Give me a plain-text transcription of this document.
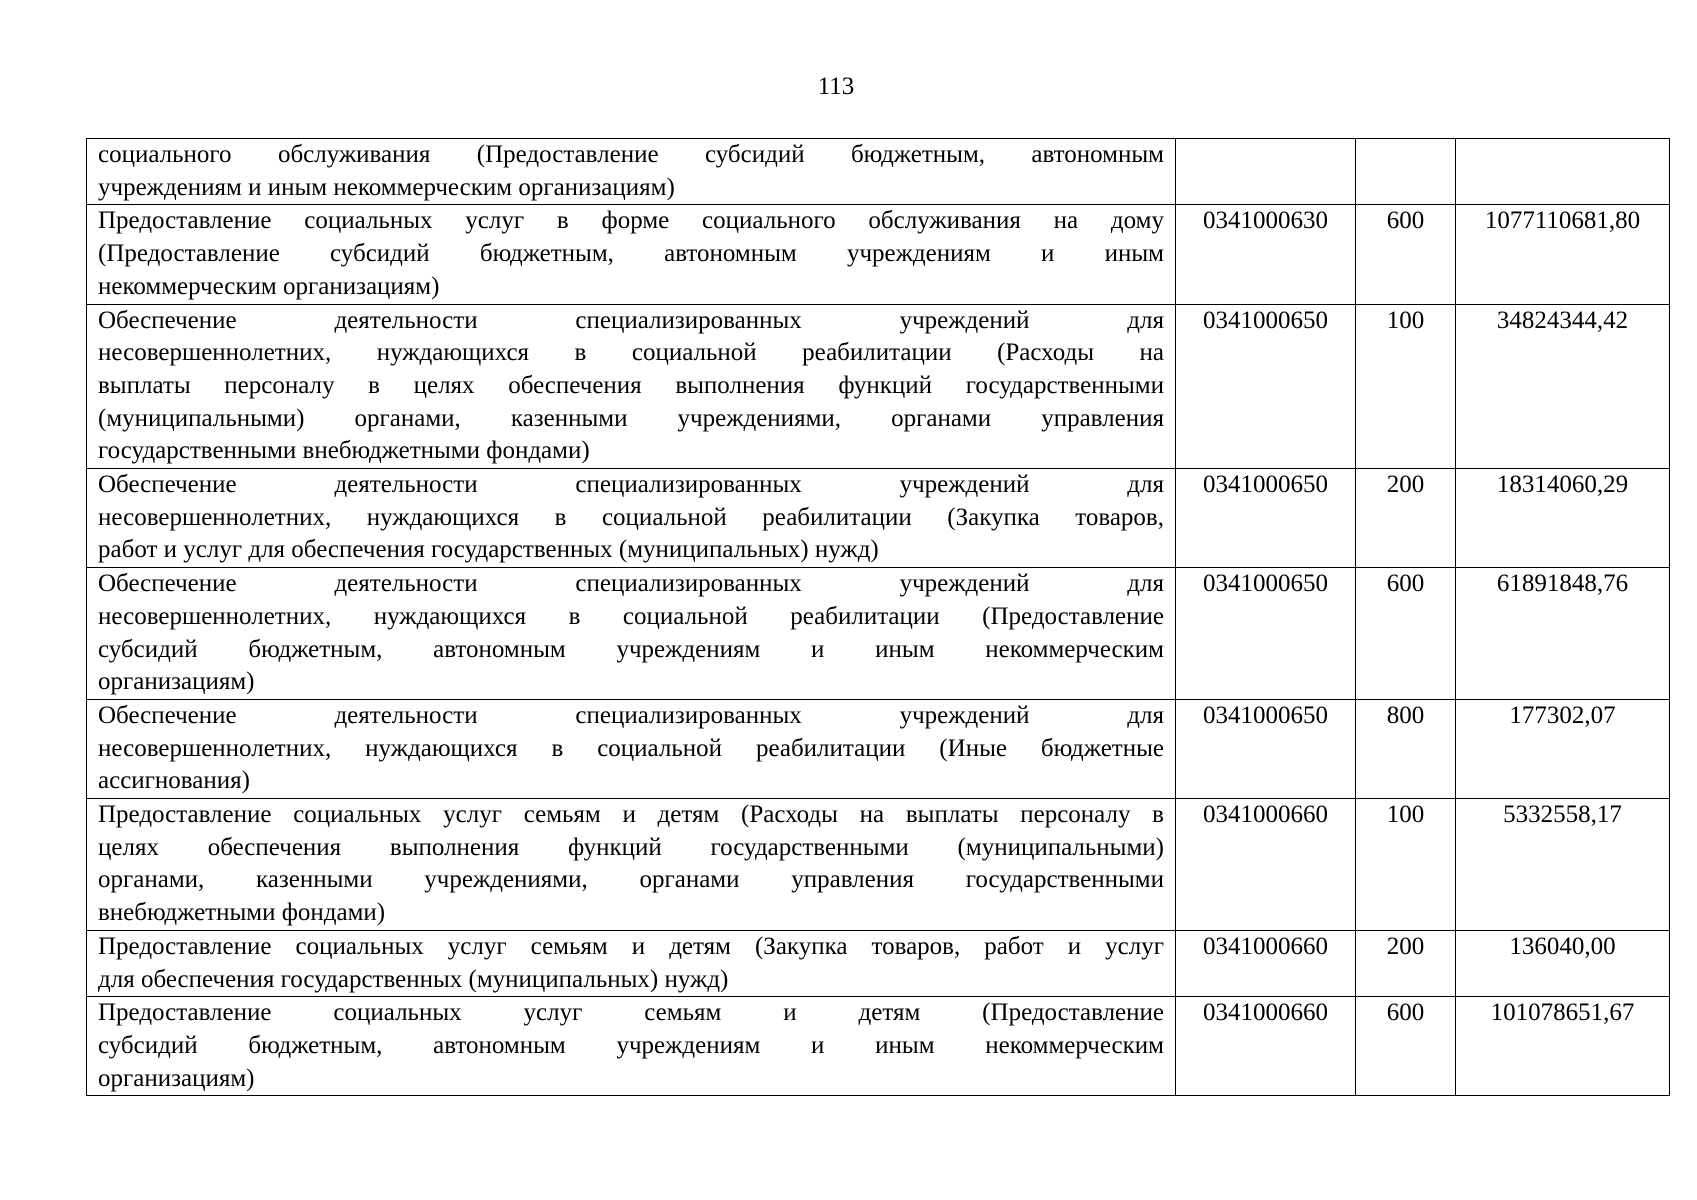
113
социального обслуживания (Предоставление субсидий бюджетным, автономным
учреждениям и иным некоммерческим организациям)			

Предоставление социальных услуг в форме социального обслуживания на дому
(Предоставление субсидий бюджетным, автономным учреждениям и иным
некоммерческим организациям)	0341000630	600	1077110681,80

Обеспечение деятельности специализированных учреждений для
несовершеннолетних, нуждающихся в социальной реабилитации (Расходы на
выплаты персоналу в целях обеспечения выполнения функций государственными
(муниципальными) органами, казенными учреждениями, органами управления
государственными внебюджетными фондами)	0341000650	100	34824344,42

Обеспечение деятельности специализированных учреждений для
несовершеннолетних, нуждающихся в социальной реабилитации (Закупка товаров,
работ и услуг для обеспечения государственных (муниципальных) нужд)	0341000650	200	18314060,29

Обеспечение деятельности специализированных учреждений для
несовершеннолетних, нуждающихся в социальной реабилитации (Предоставление
субсидий бюджетным, автономным учреждениям и иным некоммерческим
организациям)	0341000650	600	61891848,76

Обеспечение деятельности специализированных учреждений для
несовершеннолетних, нуждающихся в социальной реабилитации (Иные бюджетные
ассигнования)	0341000650	800	177302,07

Предоставление социальных услуг семьям и детям (Расходы на выплаты персоналу в
целях обеспечения выполнения функций государственными (муниципальными)
органами, казенными учреждениями, органами управления государственными
внебюджетными фондами)	0341000660	100	5332558,17

Предоставление социальных услуг семьям и детям (Закупка товаров, работ и услуг
для обеспечения государственных (муниципальных) нужд)	0341000660	200	136040,00

Предоставление социальных услуг семьям и детям (Предоставление
субсидий бюджетным, автономным учреждениям и иным некоммерческим
организациям)	0341000660	600	101078651,67
